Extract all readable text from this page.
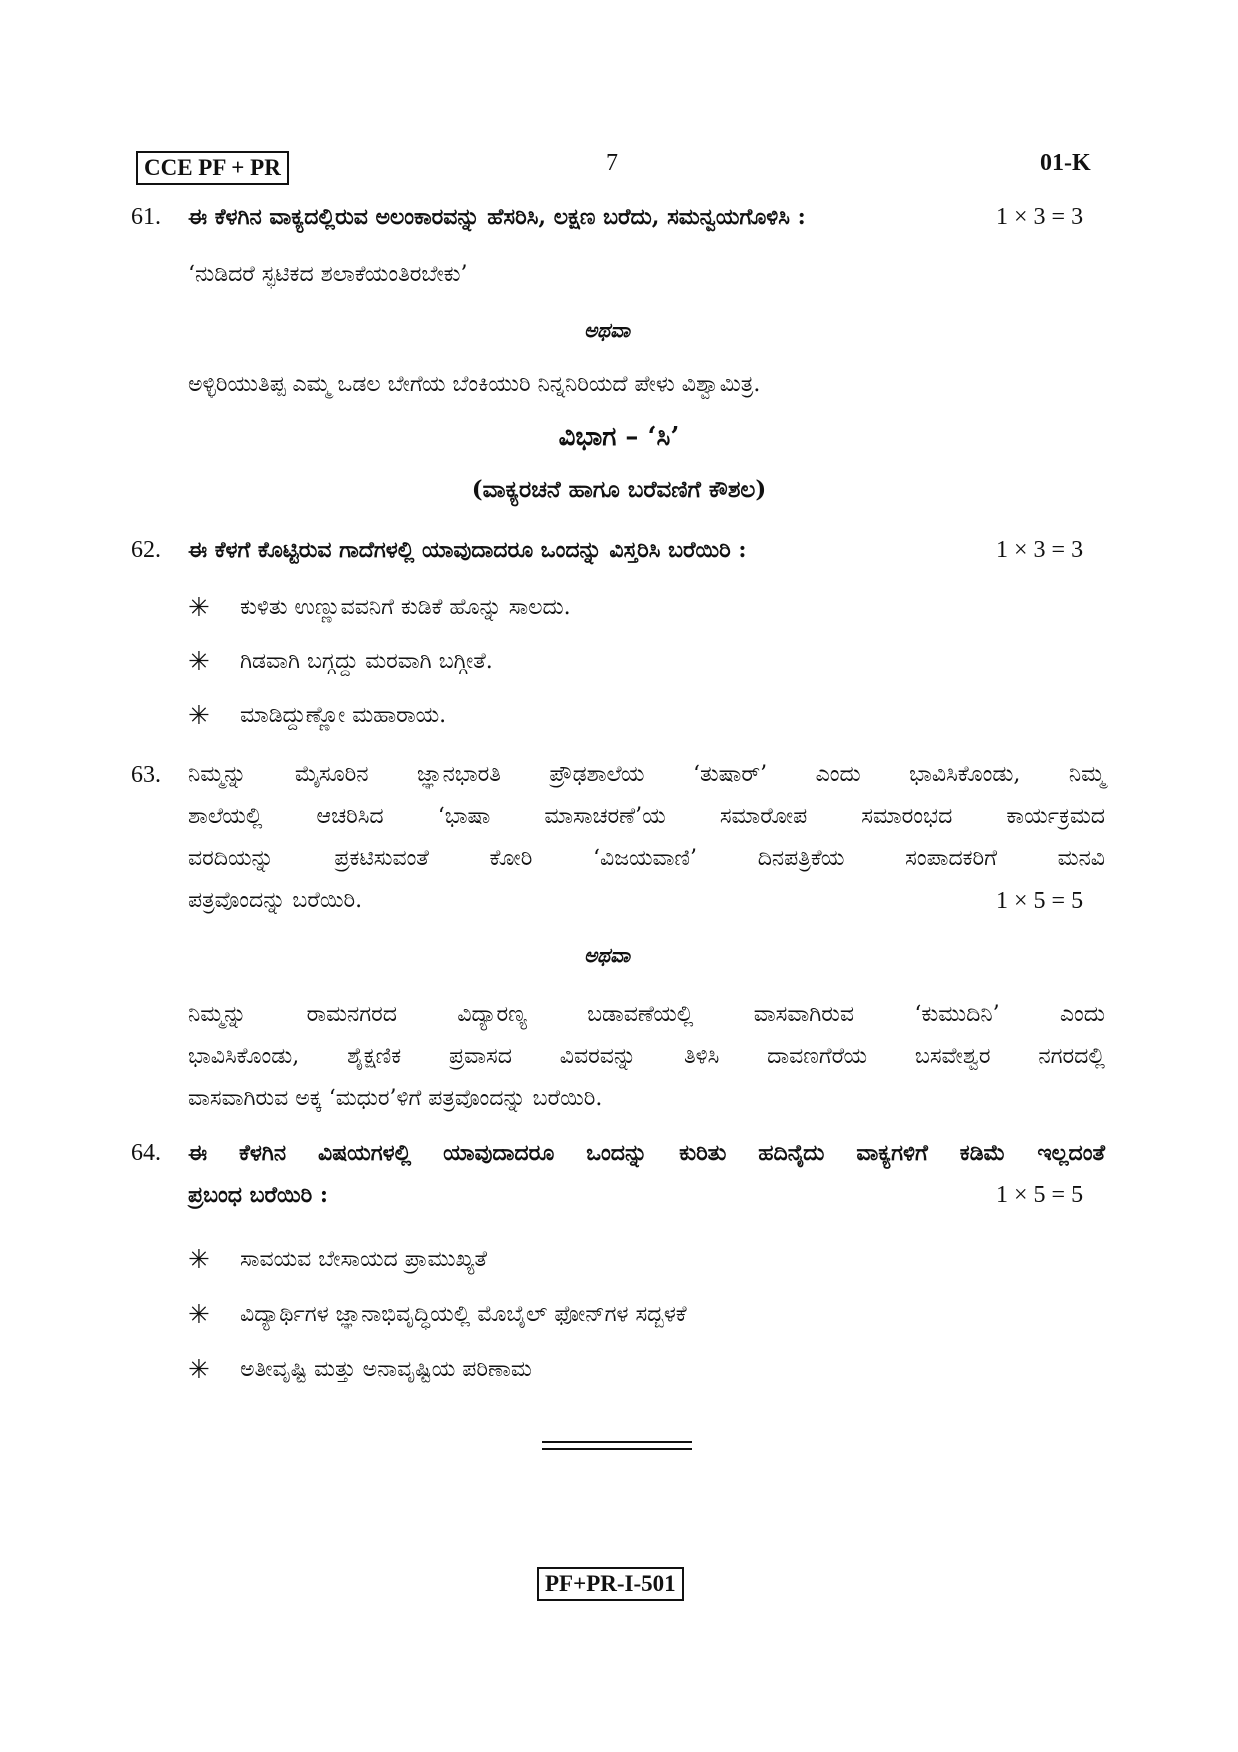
CCE PF + PR	7	01-K
61. ಈ ಕೆಳಗಿನ ವಾಕ್ಯದಲ್ಲಿರುವ ಅಲಂಕಾರವನ್ನು ಹೆಸರಿಸಿ, ಲಕ್ಷಣ ಬರೆದು, ಸಮನ್ವಯಗೊಳಿಸಿ :	1 × 3 = 3
‘ನುಡಿದರೆ ಸ್ಫಟಿಕದ ಶಲಾಕೆಯಂತಿರಬೇಕು’
ಅಥವಾ
ಅಳ್ಳಿರಿಯುತಿಪ್ಪ ಎಮ್ಮ ಒಡಲ ಬೇಗೆಯ ಬೆಂಕಿಯುರಿ ನಿನ್ನನಿರಿಯದೆ ಪೇಳು ವಿಶ್ವಾಮಿತ್ರ.
ವಿಭಾಗ – ‘ಸಿ’
(ವಾಕ್ಯರಚನೆ ಹಾಗೂ ಬರೆವಣಿಗೆ ಕೌಶಲ)
62. ಈ ಕೆಳಗೆ ಕೊಟ್ಟಿರುವ ಗಾದೆಗಳಲ್ಲಿ ಯಾವುದಾದರೂ ಒಂದನ್ನು ವಿಸ್ತರಿಸಿ ಬರೆಯಿರಿ :	1 × 3 = 3
✳	ಕುಳಿತು ಉಣ್ಣುವವನಿಗೆ ಕುಡಿಕೆ ಹೊನ್ನು ಸಾಲದು.
✳	ಗಿಡವಾಗಿ ಬಗ್ಗದ್ದು ಮರವಾಗಿ ಬಗ್ಗೀತೆ.
✳	ಮಾಡಿದ್ದುಣ್ಣೋ ಮಹಾರಾಯ.
63. ನಿಮ್ಮನ್ನು ಮೈಸೂರಿನ ಜ್ಞಾನಭಾರತಿ ಪ್ರೌಢಶಾಲೆಯ ‘ತುಷಾರ್’ ಎಂದು ಭಾವಿಸಿಕೊಂಡು, ನಿಮ್ಮ
ಶಾಲೆಯಲ್ಲಿ ಆಚರಿಸಿದ ‘ಭಾಷಾ ಮಾಸಾಚರಣೆ’ಯ ಸಮಾರೋಪ ಸಮಾರಂಭದ ಕಾರ್ಯಕ್ರಮದ
ವರದಿಯನ್ನು ಪ್ರಕಟಿಸುವಂತೆ ಕೋರಿ ‘ವಿಜಯವಾಣಿ’ ದಿನಪತ್ರಿಕೆಯ ಸಂಪಾದಕರಿಗೆ ಮನವಿ
ಪತ್ರವೊಂದನ್ನು ಬರೆಯಿರಿ.	1 × 5 = 5
ಅಥವಾ
ನಿಮ್ಮನ್ನು ರಾಮನಗರದ ವಿದ್ಯಾರಣ್ಯ ಬಡಾವಣೆಯಲ್ಲಿ ವಾಸವಾಗಿರುವ ‘ಕುಮುದಿನಿ’ ಎಂದು
ಭಾವಿಸಿಕೊಂಡು, ಶೈಕ್ಷಣಿಕ ಪ್ರವಾಸದ ವಿವರವನ್ನು ತಿಳಿಸಿ ದಾವಣಗೆರೆಯ ಬಸವೇಶ್ವರ ನಗರದಲ್ಲಿ
ವಾಸವಾಗಿರುವ ಅಕ್ಕ ‘ಮಧುರ’ಳಿಗೆ ಪತ್ರವೊಂದನ್ನು ಬರೆಯಿರಿ.
64. ಈ ಕೆಳಗಿನ ವಿಷಯಗಳಲ್ಲಿ ಯಾವುದಾದರೂ ಒಂದನ್ನು ಕುರಿತು ಹದಿನೈದು ವಾಕ್ಯಗಳಿಗೆ ಕಡಿಮೆ ಇಲ್ಲದಂತೆ
ಪ್ರಬಂಧ ಬರೆಯಿರಿ :	1 × 5 = 5
✳	ಸಾವಯವ ಬೇಸಾಯದ ಪ್ರಾಮುಖ್ಯತೆ
✳	ವಿದ್ಯಾರ್ಥಿಗಳ ಜ್ಞಾನಾಭಿವೃದ್ಧಿಯಲ್ಲಿ ಮೊಬೈಲ್ ಫೋನ್‌ಗಳ ಸದ್ಬಳಕೆ
✳	ಅತೀವೃಷ್ಟಿ ಮತ್ತು ಅನಾವೃಷ್ಟಿಯ ಪರಿಣಾಮ
PF+PR-I-501
